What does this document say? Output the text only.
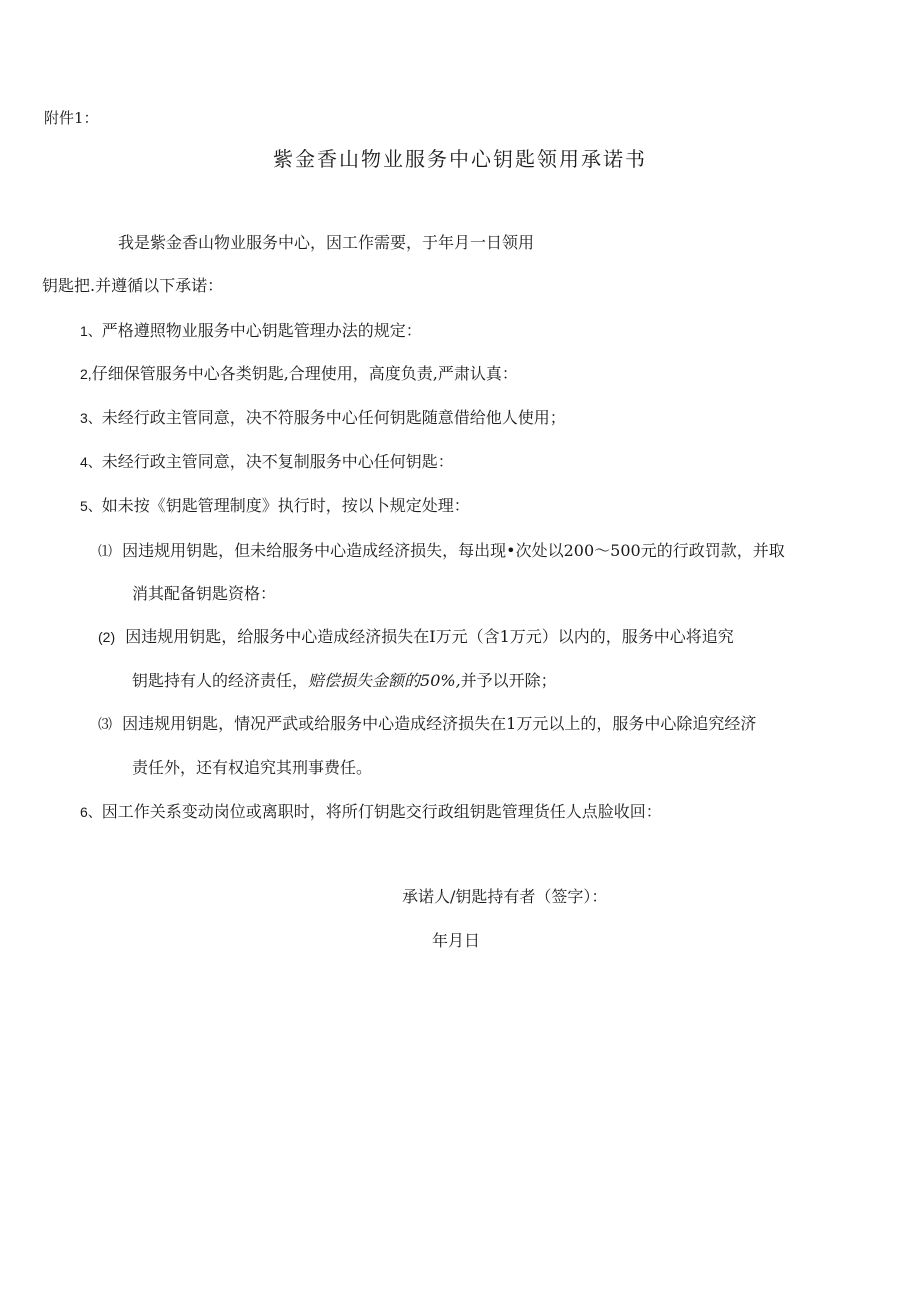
附件1：
紫金香山物业服务中心钥匙领用承诺书
我是紫金香山物业服务中心，因工作需要，于年月一日领用
钥匙把.并遵循以下承诺：
1、严格遵照物业服务中心钥匙管理办法的规定：
2,仔细保管服务中心各类钥匙,合理使用，高度负责,严肃认真：
3、未经行政主管同意，决不符服务中心任何钥匙随意借给他人使用；
4、未经行政主管同意，决不复制服务中心任何钥匙：
5、如未按《钥匙管理制度》执行时，按以卜规定处理：
⑴ 因违规用钥匙，但未给服务中心造成经济损失，每出现•次处以200～500元的行政罚款，并取
消其配备钥匙资格：
(2) 因违规用钥匙，给服务中心造成经济损失在I万元（含1万元）以内的，服务中心将追究
钥匙持有人的经济责任，赔偿损失金额的50%,并予以开除；
⑶ 因违规用钥匙，情况严武或给服务中心造成经济损失在1万元以上的，服务中心除追究经济
责任外，还有权追究其刑事费任。
6、因工作关系变动岗位或离职时，将所仃钥匙交行政组钥匙管理货任人点脸收回：
承诺人/钥匙持有者（签字）：
年月日
